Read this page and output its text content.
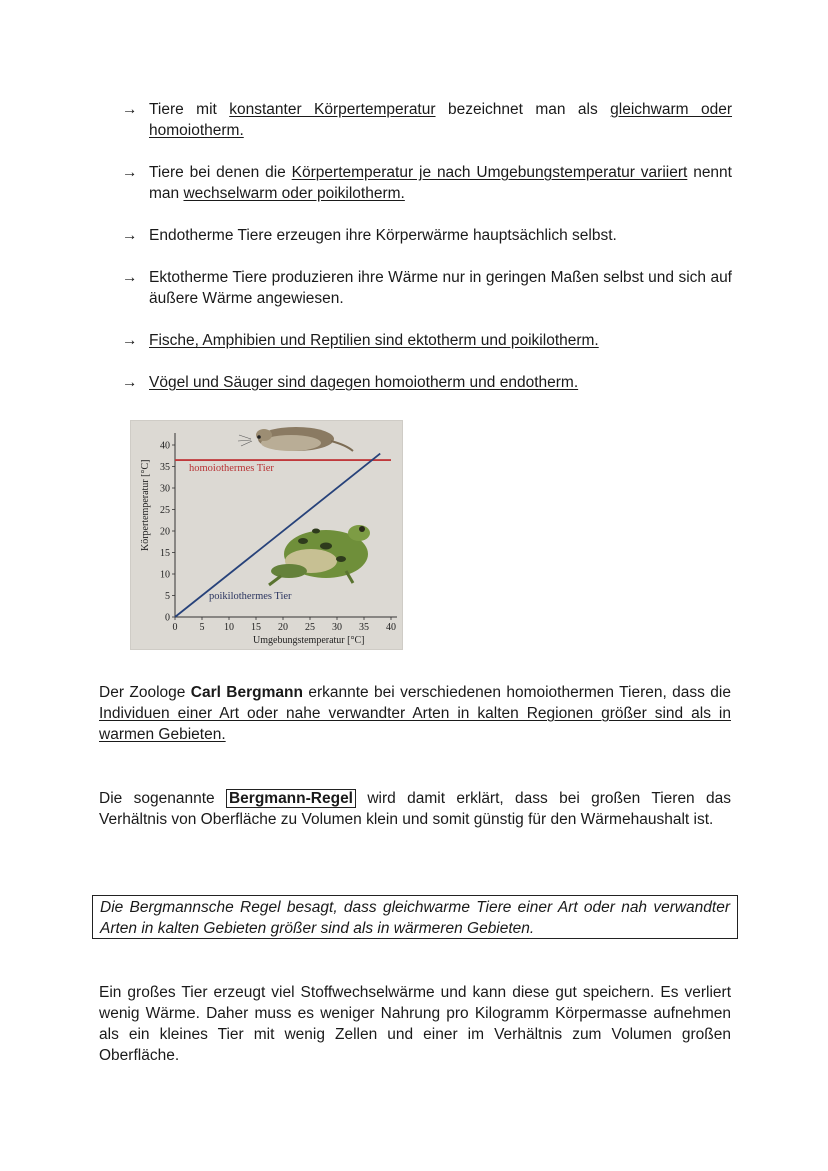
→ Tiere mit konstanter Körpertemperatur bezeichnet man als gleichwarm oder homoiotherm.
→ Tiere bei denen die Körpertemperatur je nach Umgebungstemperatur variiert nennt man wechselwarm oder poikilotherm.
→ Endotherme Tiere erzeugen ihre Körperwärme hauptsächlich selbst.
→ Ektotherme Tiere produzieren ihre Wärme nur in geringen Maßen selbst und sich auf äußere Wärme angewiesen.
→ Fische, Amphibien und Reptilien sind ektotherm und poikilotherm.
→ Vögel und Säuger sind dagegen homoiotherm und endotherm.
homoiothermes Tier
poikilothermes Tier
Umgebungstemperatur [°C]
Körpertemperatur [°C]
0
5
10
15
20
25
30
35
40
0 5 10 15 20 25 30 35 40
Der Zoologe Carl Bergmann erkannte bei verschiedenen homoiothermen Tieren, dass die Individuen einer Art oder nahe verwandter Arten in kalten Regionen größer sind als in warmen Gebieten.
Die sogenannte Bergmann-Regel wird damit erklärt, dass bei großen Tieren das Verhältnis von Oberfläche zu Volumen klein und somit günstig für den Wärmehaushalt ist.
Die Bergmannsche Regel besagt, dass gleichwarme Tiere einer Art oder nah verwandter Arten in kalten Gebieten größer sind als in wärmeren Gebieten.
Ein großes Tier erzeugt viel Stoffwechselwärme und kann diese gut speichern. Es verliert wenig Wärme. Daher muss es weniger Nahrung pro Kilogramm Körpermasse aufnehmen als ein kleines Tier mit wenig Zellen und einer im Verhältnis zum Volumen großen Oberfläche.
